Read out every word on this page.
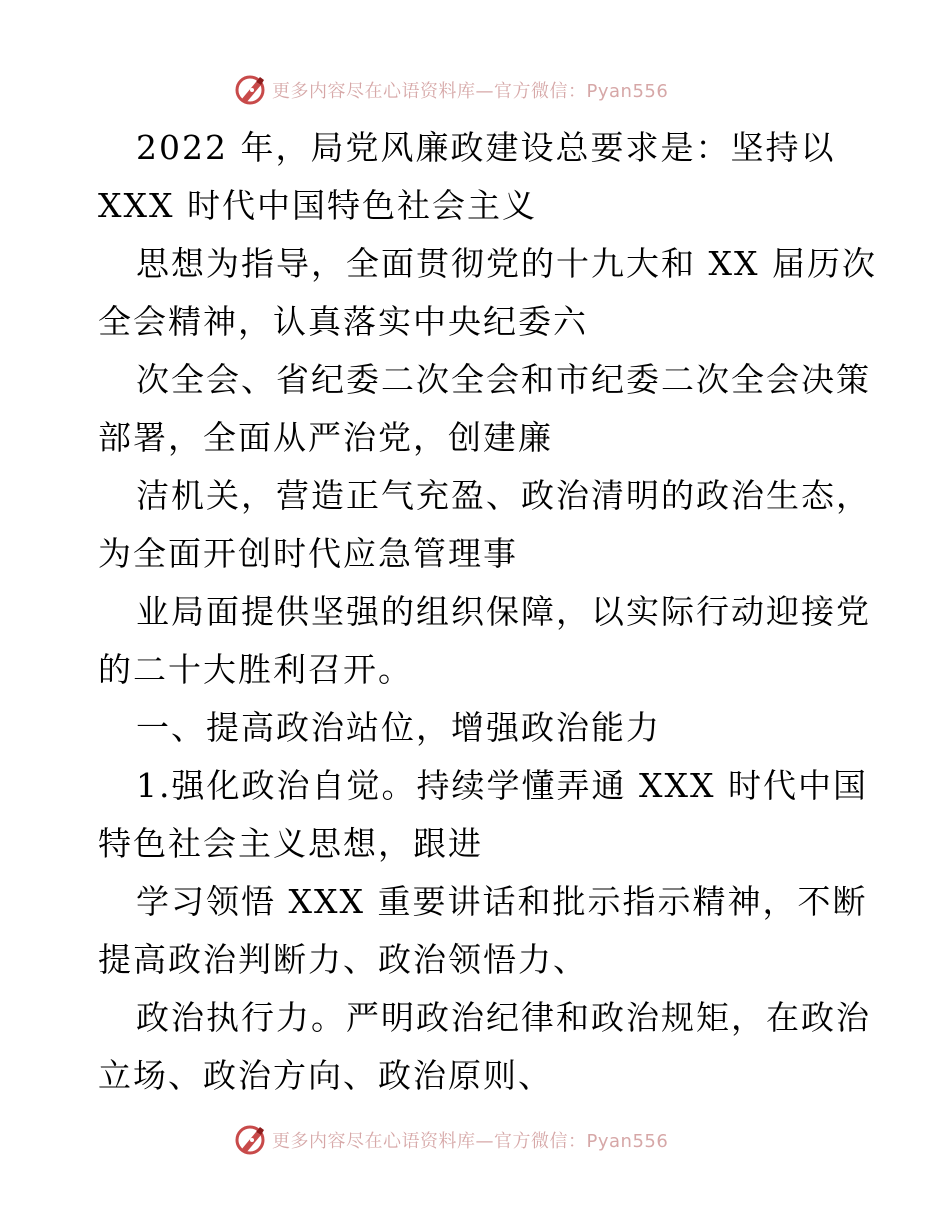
更多内容尽在心语资料库—官方微信：Pyan556
2022 年，局党风廉政建设总要求是：坚持以
XXX 时代中国特色社会主义
思想为指导，全面贯彻党的十九大和 XX 届历次
全会精神，认真落实中央纪委六
次全会、省纪委二次全会和市纪委二次全会决策
部署，全面从严治党，创建廉
洁机关，营造正气充盈、政治清明的政治生态，
为全面开创时代应急管理事
业局面提供坚强的组织保障，以实际行动迎接党
的二十大胜利召开。
一、提高政治站位，增强政治能力
1.强化政治自觉。持续学懂弄通 XXX 时代中国
特色社会主义思想，跟进
学习领悟 XXX 重要讲话和批示指示精神，不断
提高政治判断力、政治领悟力、
政治执行力。严明政治纪律和政治规矩，在政治
立场、政治方向、政治原则、
更多内容尽在心语资料库—官方微信：Pyan556
